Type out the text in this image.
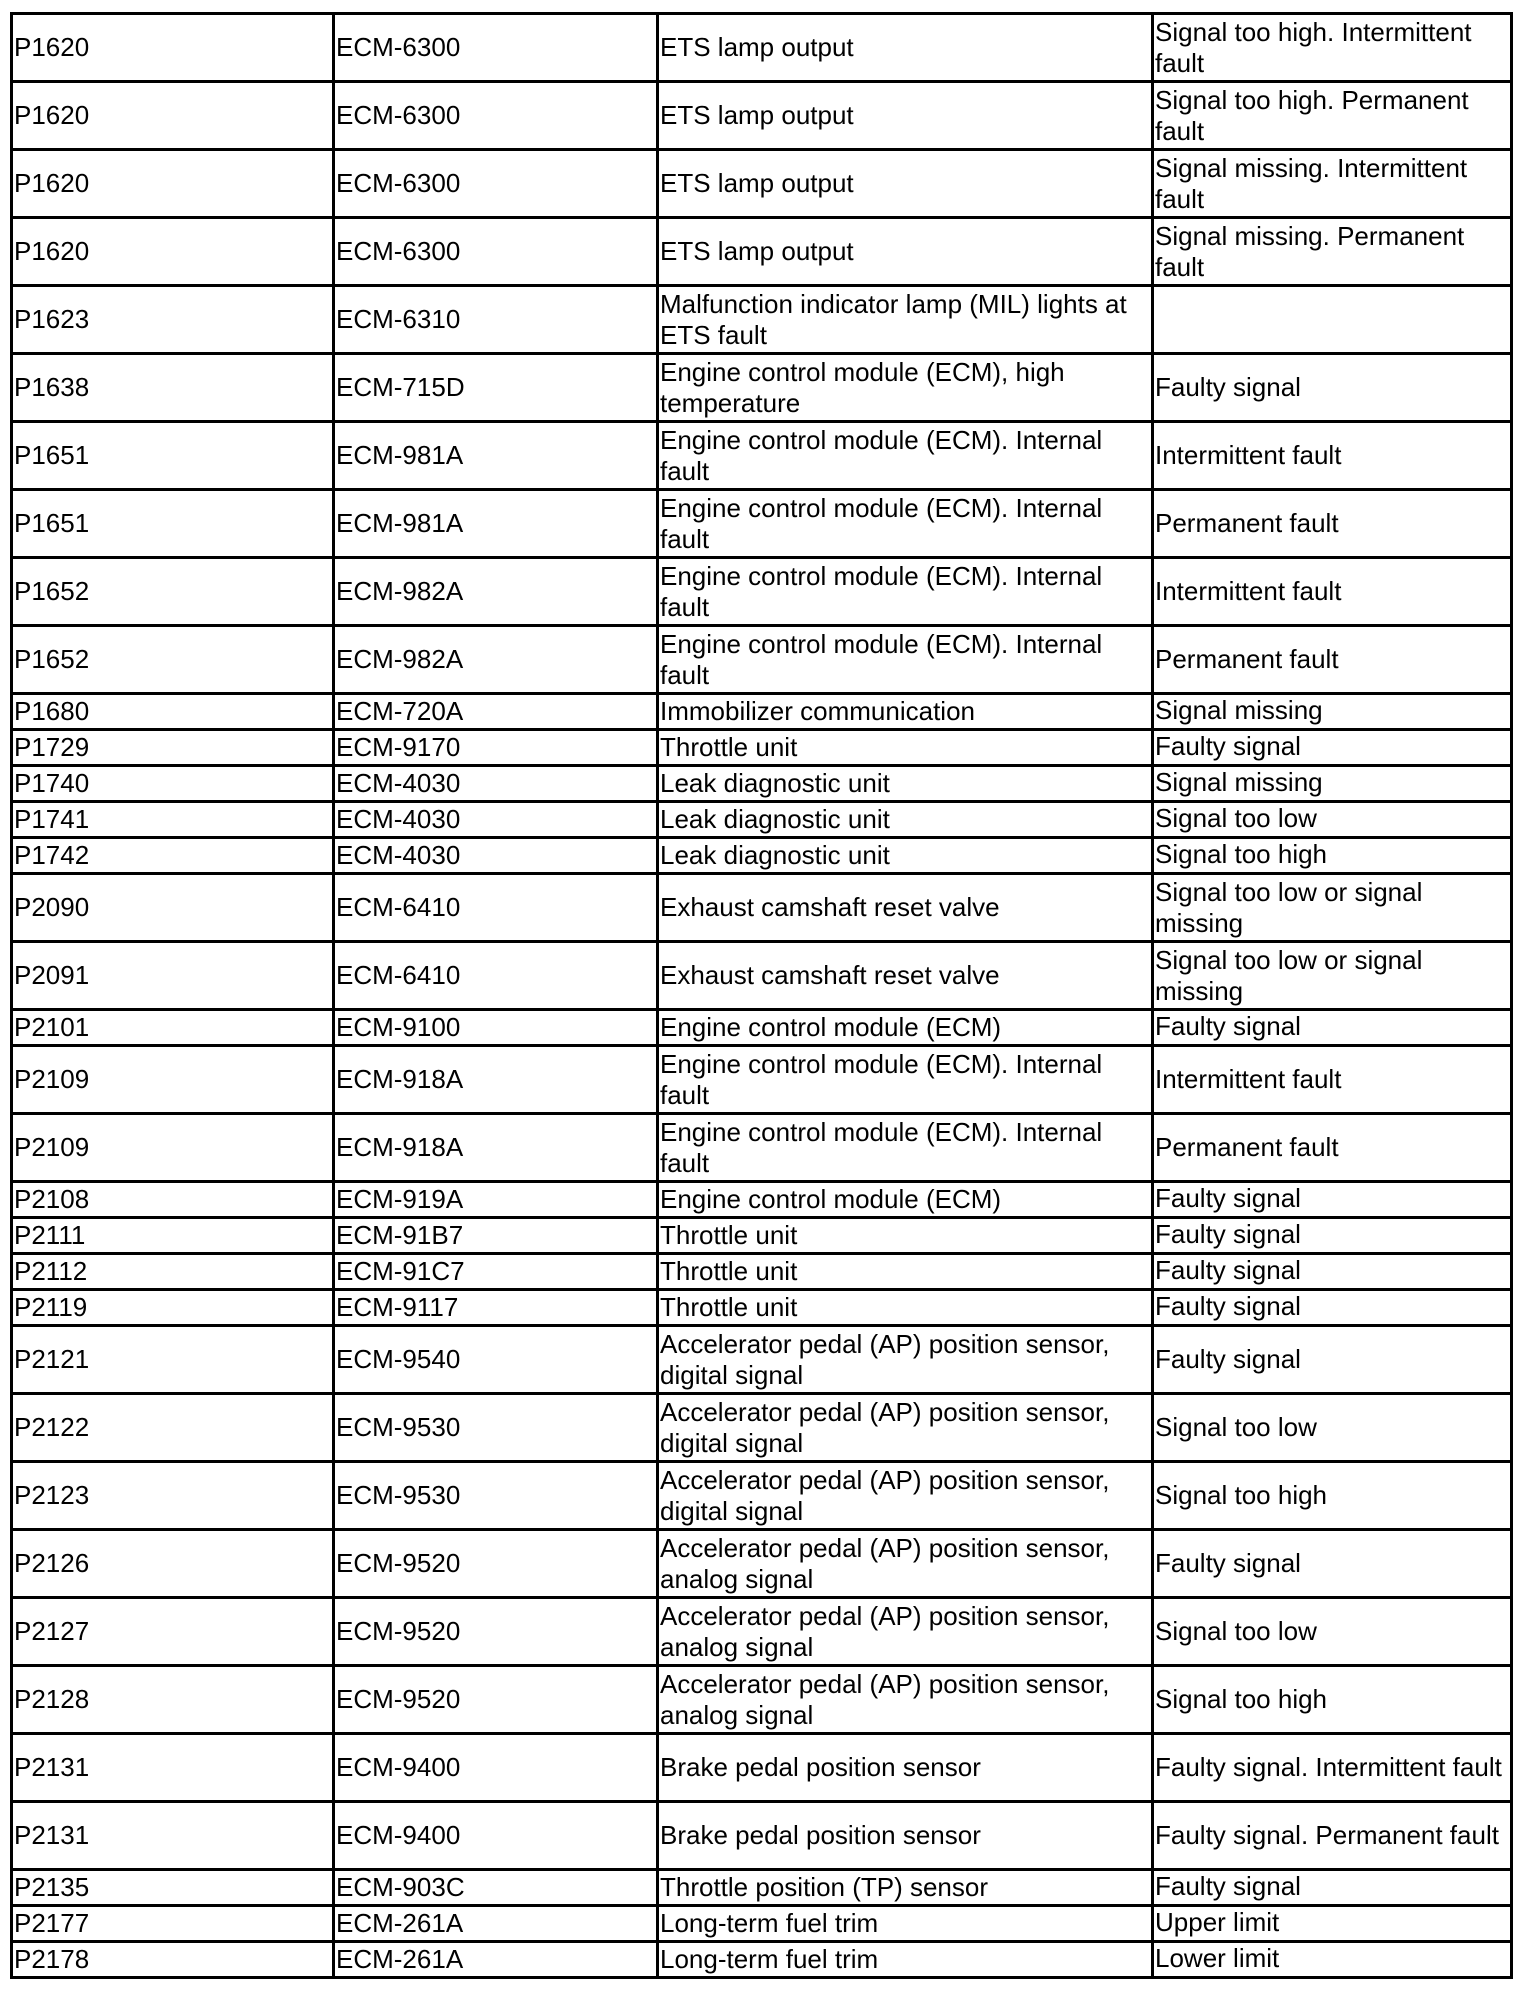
P1620	ECM-6300	ETS lamp output	Signal too high. Intermittent fault
P1620	ECM-6300	ETS lamp output	Signal too high. Permanent fault
P1620	ECM-6300	ETS lamp output	Signal missing. Intermittent fault
P1620	ECM-6300	ETS lamp output	Signal missing. Permanent fault
P1623	ECM-6310	Malfunction indicator lamp (MIL) lights at ETS fault	
P1638	ECM-715D	Engine control module (ECM), high temperature	Faulty signal
P1651	ECM-981A	Engine control module (ECM). Internal fault	Intermittent fault
P1651	ECM-981A	Engine control module (ECM). Internal fault	Permanent fault
P1652	ECM-982A	Engine control module (ECM). Internal fault	Intermittent fault
P1652	ECM-982A	Engine control module (ECM). Internal fault	Permanent fault
P1680	ECM-720A	Immobilizer communication	Signal missing
P1729	ECM-9170	Throttle unit	Faulty signal
P1740	ECM-4030	Leak diagnostic unit	Signal missing
P1741	ECM-4030	Leak diagnostic unit	Signal too low
P1742	ECM-4030	Leak diagnostic unit	Signal too high
P2090	ECM-6410	Exhaust camshaft reset valve	Signal too low or signal missing
P2091	ECM-6410	Exhaust camshaft reset valve	Signal too low or signal missing
P2101	ECM-9100	Engine control module (ECM)	Faulty signal
P2109	ECM-918A	Engine control module (ECM). Internal fault	Intermittent fault
P2109	ECM-918A	Engine control module (ECM). Internal fault	Permanent fault
P2108	ECM-919A	Engine control module (ECM)	Faulty signal
P2111	ECM-91B7	Throttle unit	Faulty signal
P2112	ECM-91C7	Throttle unit	Faulty signal
P2119	ECM-9117	Throttle unit	Faulty signal
P2121	ECM-9540	Accelerator pedal (AP) position sensor, digital signal	Faulty signal
P2122	ECM-9530	Accelerator pedal (AP) position sensor, digital signal	Signal too low
P2123	ECM-9530	Accelerator pedal (AP) position sensor, digital signal	Signal too high
P2126	ECM-9520	Accelerator pedal (AP) position sensor, analog signal	Faulty signal
P2127	ECM-9520	Accelerator pedal (AP) position sensor, analog signal	Signal too low
P2128	ECM-9520	Accelerator pedal (AP) position sensor, analog signal	Signal too high
P2131	ECM-9400	Brake pedal position sensor	Faulty signal. Intermittent fault
P2131	ECM-9400	Brake pedal position sensor	Faulty signal. Permanent fault
P2135	ECM-903C	Throttle position (TP) sensor	Faulty signal
P2177	ECM-261A	Long-term fuel trim	Upper limit
P2178	ECM-261A	Long-term fuel trim	Lower limit
